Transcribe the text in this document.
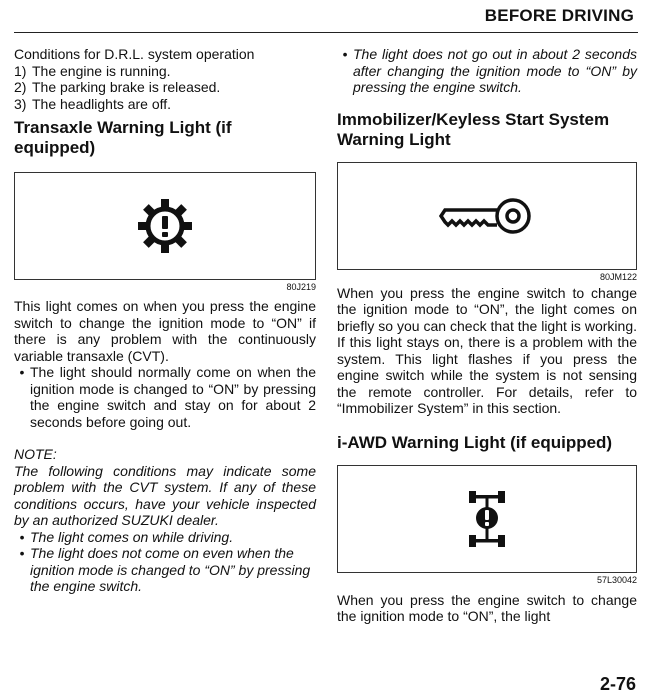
BEFORE DRIVING

Conditions for D.R.L. system operation

1) The engine is running.
2) The parking brake is released.
3) The headlights are off.
Transaxle Warning Light (if equipped)
80J219

This light comes on when you press the engine switch to change the ignition mode to “ON” if there is any problem with the continuously variable transaxle (CVT).

• The light should normally come on when the ignition mode is changed to “ON” by pressing the engine switch and stay on for about 2 seconds before going out.

NOTE:

The following conditions may indicate some problem with the CVT system. If any of these conditions occurs, have your vehicle inspected by an authorized SUZUKI dealer.

• The light comes on while driving.
• The light does not come on even when the ignition mode is changed to “ON” by pressing the engine switch.
• The light does not go out in about 2 seconds after changing the ignition mode to “ON” by pressing the engine switch.
Immobilizer/Keyless Start System Warning Light
80JM122

When you press the engine switch to change the ignition mode to “ON”, the light comes on briefly so you can check that the light is working. If this light stays on, there is a problem with the system. This light flashes if you press the engine switch while the system is not sensing the remote controller. For details, refer to “Immobilizer System” in this section.

i-AWD Warning Light (if equipped)
57L30042

When you press the engine switch to change the ignition mode to “ON”, the light

2-76
